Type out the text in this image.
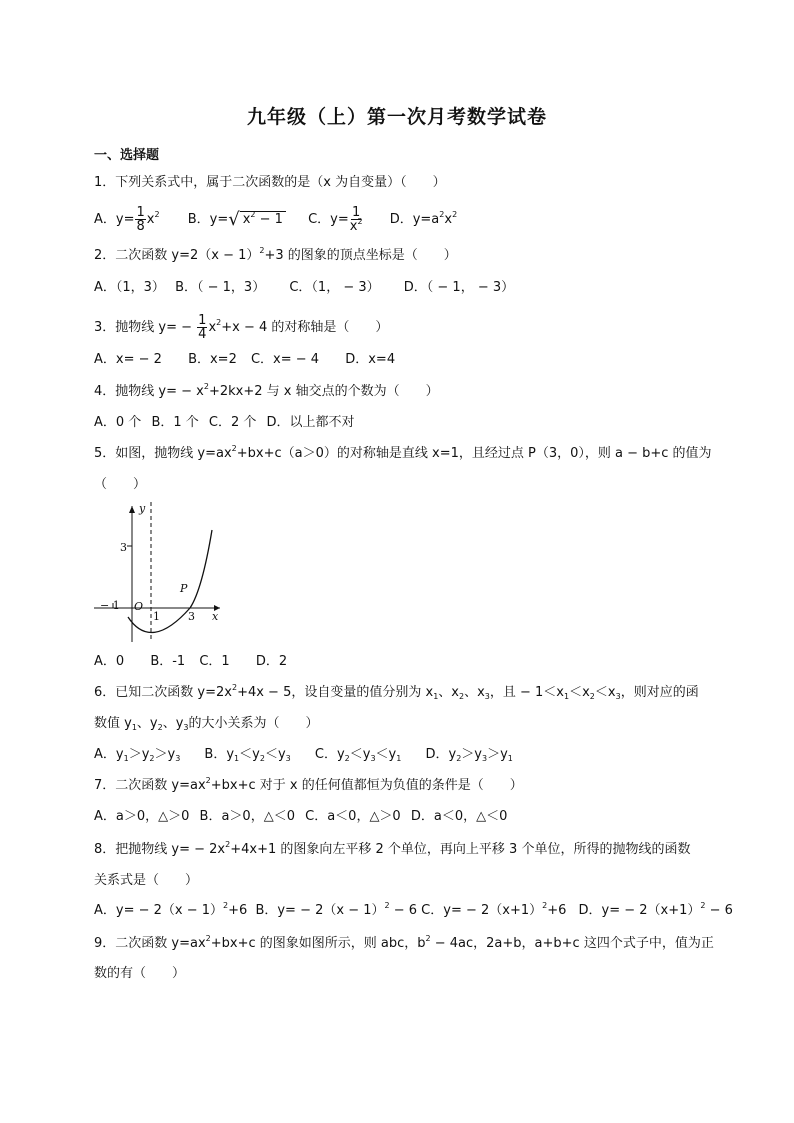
九年级（上）第一次月考数学试卷
一、选择题
1．下列关系式中，属于二次函数的是（x 为自变量）（　　）
A．$y= \frac{1}{8} x^2$ B．y=√ $x^2 - 1$ C．$y= \frac{1}{x^2}$ D．$y=a^2x^2$
2．二次函数 $y=2(x - 1)^2+3$ 的图象的顶点坐标是（　　）
A．（1，3） B．（ − 1，3） C．（1， − 3） D．（ − 1， − 3）
3．抛物线 $y= - \frac{1}{4} x^2+x - 4$ 的对称轴是（　　）
A．x= − 2 B．x=2 C．x= − 4 D．x=4
4．抛物线 $y= - x^2+2kx+2$ 与 x 轴交点的个数为（　　）
A．0 个 B．1 个 C．2 个 D．以上都不对
5．如图，抛物线 $y=ax^2+bx+c(a>0)$的对称轴是直线 x=1，且经过点 P（3，0），则 a − b+c 的值为
（　　）
y
x
3
P
− 1 O
1	3
A．0 B．‑1 C．1 D．2
6．已知二次函数 $y=2x^2+4x - 5$，设自变量的值分别为 $x_1$、$x_2$、$x_3$，且 − $1<x_1<x_2<x_3$，则对应的函
数值 $y_1$、$y_2$、$y_3$的大小关系为（　　）
A．$y_1>y_2>y_3$ B．$y_1<y_2<y_3$ C．$y_2<y_3<y_1$ D．$y_2>y_3>y_1$
7．二次函数 $y=ax^2+bx+c$ 对于 x 的任何值都恒为负值的条件是（　　）
A．a＞0，△＞0 B．a＞0，△＜0 C．a＜0，△＞0 D．a＜0，△＜0
8．把抛物线 $y= - 2x^2+4x+1$ 的图象向左平移 2 个单位，再向上平移 3 个单位，所得的抛物线的函数
关系式是（　　）
A．$y= - 2(x - 1)^2+6$ B．$y= - 2(x - 1)^2 - 6$ C．$y= - 2(x+1)^2+6$ D．$y= - 2(x+1)^2 - 6$
9．二次函数 $y=ax^2+bx+c$ 的图象如图所示，则 abc，$b^2 - 4ac$，2a+b，a+b+c 这四个式子中，值为正
数的有（　　）
